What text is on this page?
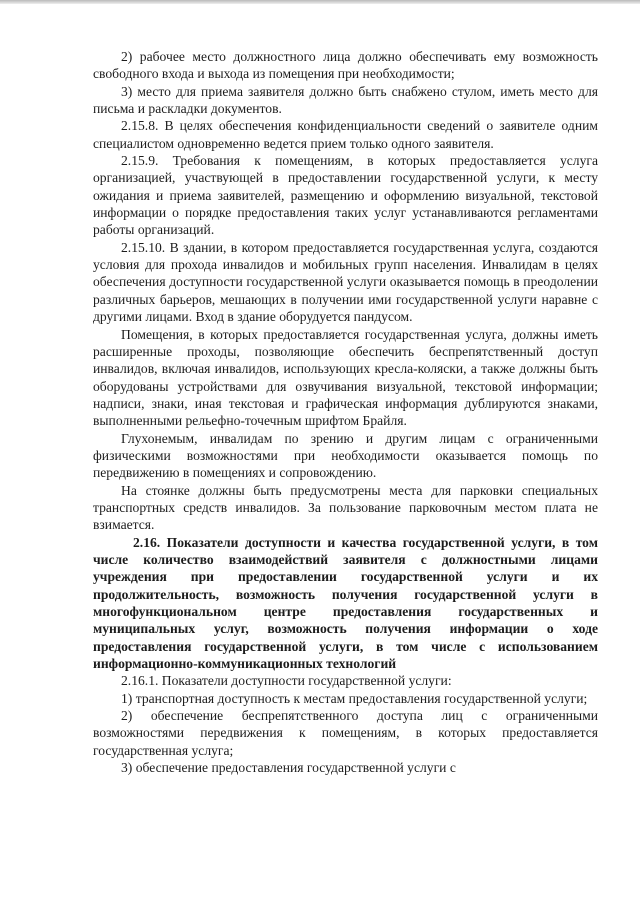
2) рабочее место должностного лица должно обеспечивать ему возможность свободного входа и выхода из помещения при необходимости;

3) место для приема заявителя должно быть снабжено стулом, иметь место для письма и раскладки документов.

2.15.8. В целях обеспечения конфиденциальности сведений о заявителе одним специалистом одновременно ведется прием только одного заявителя.

2.15.9. Требования к помещениям, в которых предоставляется услуга организацией, участвующей в предоставлении государственной услуги, к месту ожидания и приема заявителей, размещению и оформлению визуальной, текстовой информации о порядке предоставления таких услуг устанавливаются регламентами работы организаций.

2.15.10. В здании, в котором предоставляется государственная услуга, создаются условия для прохода инвалидов и мобильных групп населения. Инвалидам в целях обеспечения доступности государственной услуги оказывается помощь в преодолении различных барьеров, мешающих в получении ими государственной услуги наравне с другими лицами. Вход в здание оборудуется пандусом.

Помещения, в которых предоставляется государственная услуга, должны иметь расширенные проходы, позволяющие обеспечить беспрепятственный доступ инвалидов, включая инвалидов, использующих кресла-коляски, а также должны быть оборудованы устройствами для озвучивания визуальной, текстовой информации; надписи, знаки, иная текстовая и графическая информация дублируются знаками, выполненными рельефно-точечным шрифтом Брайля.

Глухонемым, инвалидам по зрению и другим лицам с ограниченными физическими возможностями при необходимости оказывается помощь по передвижению в помещениях и сопровождению.

На стоянке должны быть предусмотрены места для парковки специальных транспортных средств инвалидов. За пользование парковочным местом плата не взимается.

2.16. Показатели доступности и качества государственной услуги, в том числе количество взаимодействий заявителя с должностными лицами учреждения при предоставлении государственной услуги и их продолжительность, возможность получения государственной услуги в многофункциональном центре предоставления государственных и муниципальных услуг, возможность получения информации о ходе предоставления государственной услуги, в том числе с использованием информационно-коммуникационных технологий

2.16.1. Показатели доступности государственной услуги:

1) транспортная доступность к местам предоставления государственной услуги;

2) обеспечение беспрепятственного доступа лиц с ограниченными возможностями передвижения к помещениям, в которых предоставляется государственная услуга;

3) обеспечение предоставления государственной услуги с
